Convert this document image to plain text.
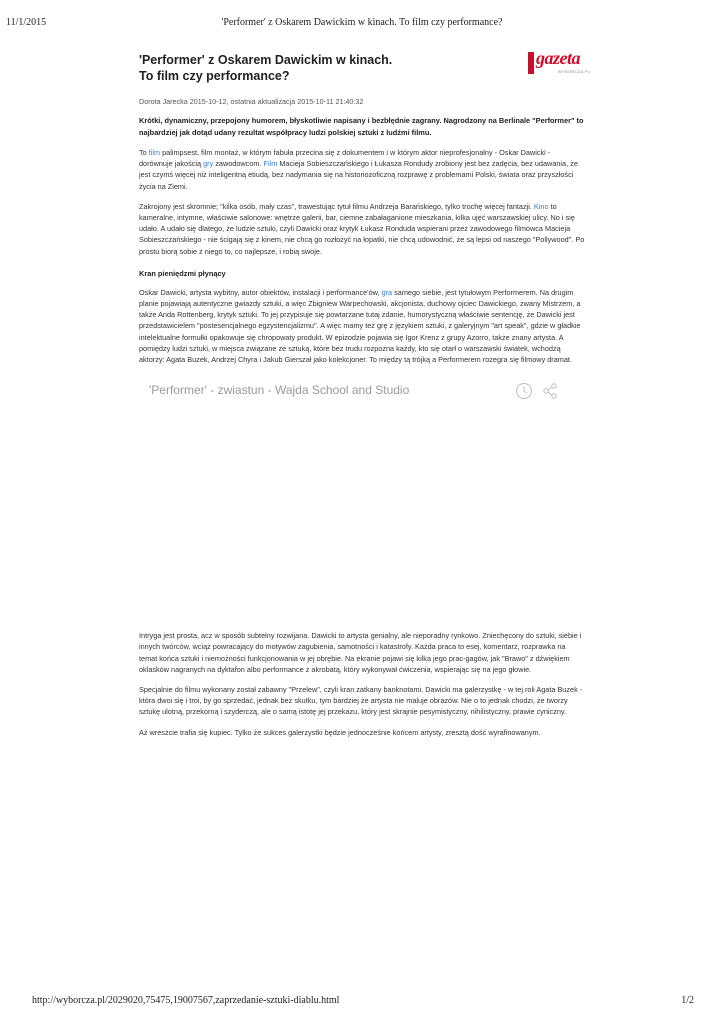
11/1/2015	'Performer' z Oskarem Dawickim w kinach. To film czy performance?
gazeta
WYBORCZA.PL
'Performer' z Oskarem Dawickim w kinach.
To film czy performance?
Dorota Jarecka 2015-10-12, ostatnia aktualizacja 2015-10-11 21:40:32
Krótki, dynamiczny, przepojony humorem, błyskotliwie napisany i bezbłędnie zagrany. Nagrodzony na Berlinale "Performer" to najbardziej jak dotąd udany rezultat współpracy ludzi polskiej sztuki z ludźmi filmu.

To film palimpsest, film montaż, w którym fabuła przecina się z dokumentem i w którym aktor nieprofesjonalny - Oskar Dawicki - dorównuje jakością gry zawodowcom. Film Macieja Sobieszczańskiego i Łukasza Rondudy zrobiony jest bez zadęcia, bez udawania, że jest czymś więcej niż inteligentną etiudą, bez nadymania się na historiozoficzną rozprawę z problemami Polski, świata oraz przyszłości życia na Ziemi.

Zakrojony jest skromnie; "kilka osób, mały czas", trawestując tytuł filmu Andrzeja Barańskiego, tylko trochę więcej fantazji. Kino to kameralne, intymne, właściwie salonowe: wnętrze galerii, bar, ciemne zabałaganione mieszkania, kilka ujęć warszawskiej ulicy. No i się udało. A udało się dlatego, że ludzie sztuki, czyli Dawicki oraz krytyk Łukasz Ronduda wspierani przez zawodowego filmowca Macieja Sobieszczańskiego - nie ścigają się z kinem, nie chcą go rozłożyć na łopatki, nie chcą udowodnić, że są lepsi od naszego "Pollywood". Po prostu biorą sobie z niego to, co najlepsze, i robią swoje.

Kran pieniędzmi płynący

Oskar Dawicki, artysta wybitny, autor obiektów, instalacji i performance'ów, gra samego siebie, jest tytułowym Performerem. Na drugim planie pojawiają autentyczne gwiazdy sztuki, a więc Zbigniew Warpechowski, akcjonista, duchowy ojciec Dawickiego, zwany Mistrzem, a także Anda Rottenberg, krytyk sztuki. To jej przypisuje się powtarzane tutaj zdanie, humorystyczną właściwie sentencję, że Dawicki jest przedstawicielem "postesencjalnego egzystencjalizmu". A więc mamy też grę z językiem sztuki, z galeryjnym "art speak", gdzie w gładkie intelektualne formułki opakowuje się chropowaty produkt. W epizodzie pojawia się Igor Krenz z grupy Azorro, także znany artysta. A pomiędzy ludzi sztuki, w miejsca związane ze sztuką, które bez trudu rozpozna każdy, kto się otarł o warszawski światek, wchodzą aktorzy: Agata Buzek, Andrzej Chyra i Jakub Gierszał jako kolekcjoner. To między tą trójką a Performerem rozegra się filmowy dramat.

'Performer' - zwiastun - Wajda School and Studio

Intryga jest prosta, acz w sposób subtelny rozwijana. Dawicki to artysta genialny, ale nieporadny rynkowo. Zniechęcony do sztuki, siebie i innych twórców, wciąż powracający do motywów zagubienia, samotności i katastrofy. Każda praca to esej, komentarz, rozprawka na temat końca sztuki i niemożności funkcjonowania w jej obrębie. Na ekranie pojawi się kilka jego prac-gagów, jak "Brawo" z dźwiękiem oklasków nagranych na dyktafon albo performance z akrobatą, który wykonywał ćwiczenia, wspierając się na jego głowie.

Specjalnie do filmu wykonany został zabawny "Przelew", czyli kran zatkany banknotami. Dawicki ma galerzystkę - w tej roli Agata Buzek - która dwoi się i troi, by go sprzedać, jednak bez skutku, tym bardziej że artysta nie maluje obrazów. Nie o to jednak chodzi, że tworzy sztukę ulotną, przekorną i szyderczą, ale o samą istotę jej przekazu, który jest skrajnie pesymistyczny, nihilistyczny, prawie cyniczny.

Aż wreszcie trafia się kupiec. Tylko że sukces galerzystki będzie jednocześnie końcem artysty, zresztą dość wyrafinowanym.

http://wyborcza.pl/2029020,75475,19007567,zaprzedanie-sztuki-diablu.html	1/2
